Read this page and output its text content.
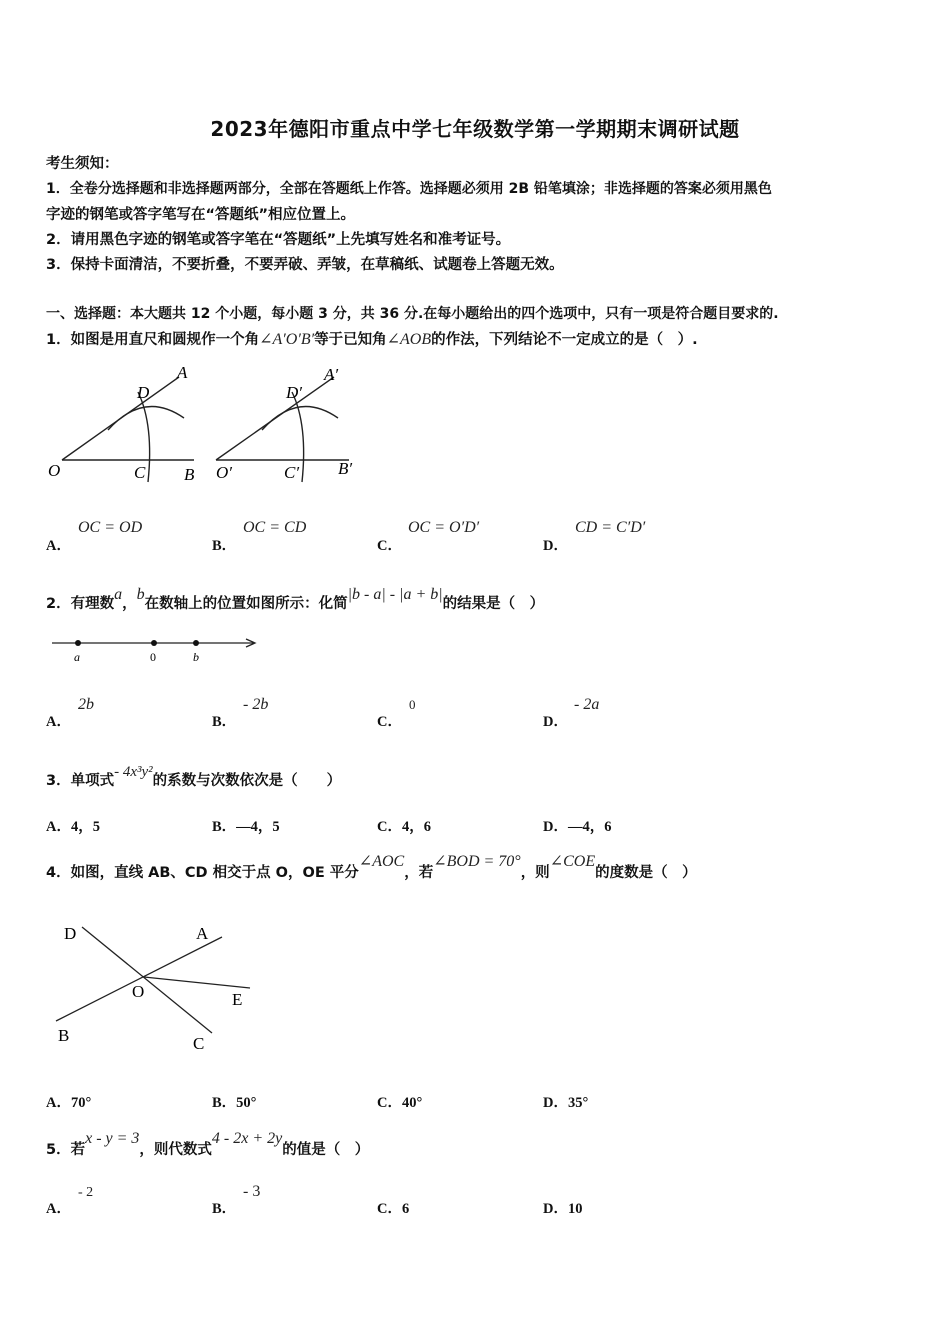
2023年德阳市重点中学七年级数学第一学期期末调研试题
考生须知：
1．全卷分选择题和非选择题两部分，全部在答题纸上作答。选择题必须用 2B 铅笔填涂；非选择题的答案必须用黑色
字迹的钢笔或答字笔写在“答题纸”相应位置上。
2．请用黑色字迹的钢笔或答字笔在“答题纸”上先填写姓名和准考证号。
3．保持卡面清洁，不要折叠，不要弄破、弄皱，在草稿纸、试题卷上答题无效。
一、选择题：本大题共 12 个小题，每小题 3 分，共 36 分.在每小题给出的四个选项中，只有一项是符合题目要求的.
1．如图是用直尺和圆规作一个角∠A′O′B′等于已知角∠AOB的作法，下列结论不一定成立的是（　）.
O
D
A
C B O′
D′
A′
C′ B′
A．
OC = OD
B．
OC = CD
C．
OC = O′D′
D．
CD = C′D′
2．有理数a，b在数轴上的位置如图所示：化简|b - a| - |a + b|的结果是（　）
a	0	b
A．
2b
B．
- 2b
C．
0
D．
- 2a
3．单项式- 4x³y²的系数与次数依次是（　　）
A．4，5	B．—4，5	C．4，6	D．—4，6
4．如图，直线 AB、CD 相交于点 O，OE 平分∠AOC，若∠BOD = 70°，则∠COE的度数是（　）
D	A
O	E
B	C
A．70°	B．50°	C．40°	D．35°
5．若x - y = 3，则代数式4 - 2x + 2y的值是（　）
A．
- 2
B．
- 3
C．6	D．10
